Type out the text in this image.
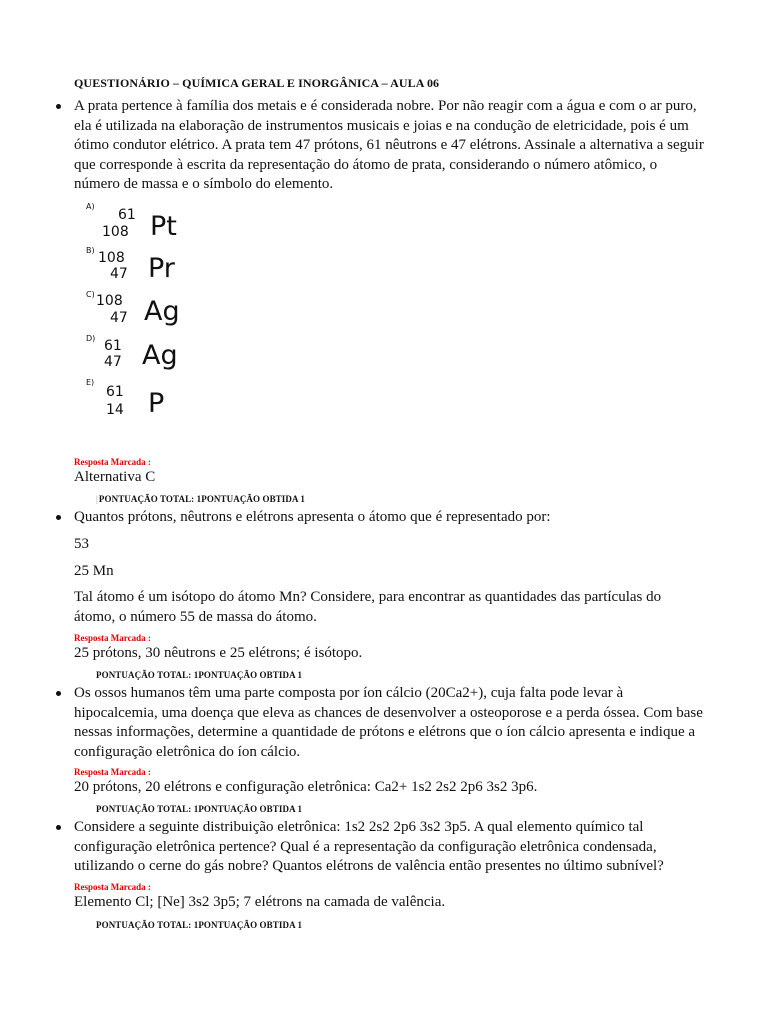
QUESTIONÁRIO – QUÍMICA GERAL E INORGÂNICA – AULA 06
A prata pertence à família dos metais e é considerada nobre. Por não reagir com a água e com o ar puro, ela é utilizada na elaboração de instrumentos musicais e joias e na condução de eletricidade, pois é um ótimo condutor elétrico. A prata tem 47 prótons, 61 nêutrons e 47 elétrons. Assinale a alternativa a seguir que corresponde à escrita da representação do átomo de prata, considerando o número atômico, o número de massa e o símbolo do elemento.
A)
61
108 Pt
B) 108
47 Pr
C) 108
47 Ag
D) 61
47 Ag
E)
61
14 P
Resposta Marcada :
Alternativa C
|PONTUAÇÃO TOTAL: 1PONTUAÇÃO OBTIDA 1
Quantos prótons, nêutrons e elétrons apresenta o átomo que é representado por:
53
25 Mn
Tal átomo é um isótopo do átomo Mn? Considere, para encontrar as quantidades das partículas do átomo, o número 55 de massa do átomo.
Resposta Marcada :
25 prótons, 30 nêutrons e 25 elétrons; é isótopo.
PONTUAÇÃO TOTAL: 1PONTUAÇÃO OBTIDA 1
Os ossos humanos têm uma parte composta por íon cálcio (20Ca2+), cuja falta pode levar à hipocalcemia, uma doença que eleva as chances de desenvolver a osteoporose e a perda óssea. Com base nessas informações, determine a quantidade de prótons e elétrons que o íon cálcio apresenta e indique a configuração eletrônica do íon cálcio.
Resposta Marcada :
20 prótons, 20 elétrons e configuração eletrônica: Ca2+ 1s2 2s2 2p6 3s2 3p6.
PONTUAÇÃO TOTAL: 1PONTUAÇÃO OBTIDA 1
Considere a seguinte distribuição eletrônica: 1s2 2s2 2p6 3s2 3p5. A qual elemento químico tal configuração eletrônica pertence? Qual é a representação da configuração eletrônica condensada, utilizando o cerne do gás nobre? Quantos elétrons de valência então presentes no último subnível?
Resposta Marcada :
Elemento Cl; [Ne] 3s2 3p5; 7 elétrons na camada de valência.
PONTUAÇÃO TOTAL: 1PONTUAÇÃO OBTIDA 1
